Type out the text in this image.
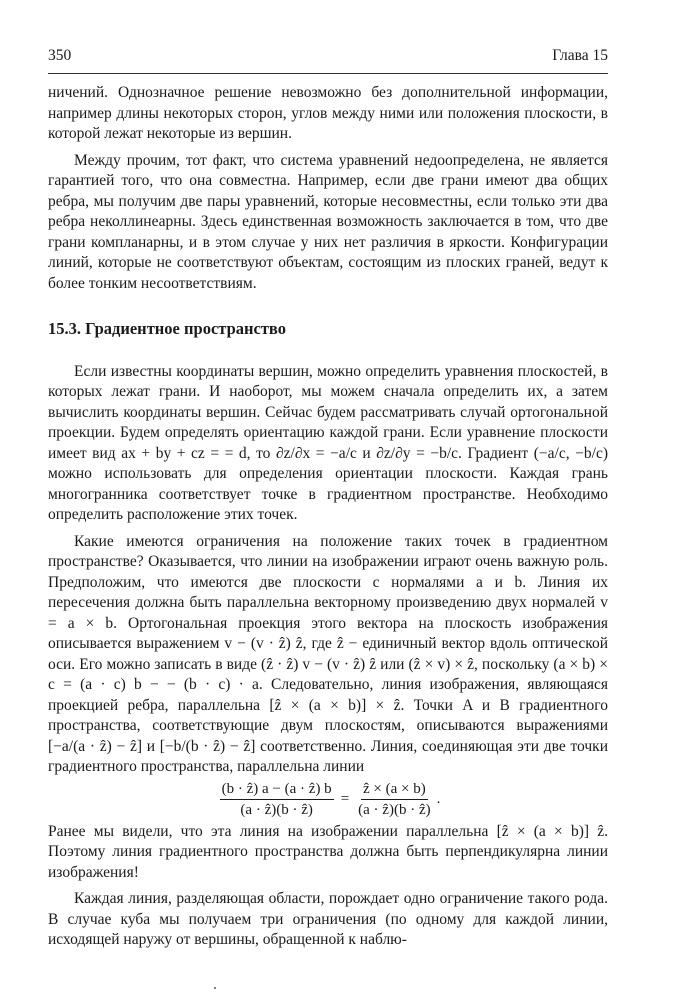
350	Глава 15

ничений. Однозначное решение невозможно без дополнительной информации, например длины некоторых сторон, углов между ними или положения плоскости, в которой лежат некоторые из вершин.

Между прочим, тот факт, что система уравнений недоопределена, не является гарантией того, что она совместна. Например, если две грани имеют два общих ребра, мы получим две пары уравнений, которые несовместны, если только эти два ребра неколлинеарны. Здесь единственная возможность заключается в том, что две грани компланарны, и в этом случае у них нет различия в яркости. Конфигурации линий, которые не соответствуют объектам, состоящим из плоских граней, ведут к более тонким несоответствиям.

15.3. Градиентное пространство

Если известны координаты вершин, можно определить уравнения плоскостей, в которых лежат грани. И наоборот, мы можем сначала определить их, а затем вычислить координаты вершин. Сейчас будем рассматривать случай ортогональной проекции. Будем определять ориентацию каждой грани. Если уравнение плоскости имеет вид ax + by + cz = = d, то ∂z/∂x = −a/c и ∂z/∂y = −b/c. Градиент (−a/c, −b/c) можно использовать для определения ориентации плоскости. Каждая грань многогранника соответствует точке в градиентном пространстве. Необходимо определить расположение этих точек.

Какие имеются ограничения на положение таких точек в градиентном пространстве? Оказывается, что линии на изображении играют очень важную роль. Предположим, что имеются две плоскости с нормалями a и b. Линия их пересечения должна быть параллельна векторному произведению двух нормалей v = a × b. Ортогональная проекция этого вектора на плоскость изображения описывается выражением v − (v · ẑ) ẑ, где ẑ − единичный вектор вдоль оптической оси. Его можно записать в виде (ẑ · ẑ) v − (v · ẑ) ẑ или (ẑ × v) × ẑ, поскольку (a × b) × c = (a · c) b − − (b · c) · a. Следовательно, линия изображения, являющаяся проекцией ребра, параллельна [ẑ × (a × b)] × ẑ. Точки A и B градиентного пространства, соответствующие двум плоскостям, описываются выражениями [−a/(a · ẑ) − ẑ] и [−b/(b · ẑ) − ẑ] соответственно. Линия, соединяющая эти две точки градиентного пространства, параллельна линии

$\frac{\text{(b · ẑ) a − (a · ẑ) b}}{\text{(a · ẑ)(b · ẑ)}} = \frac{\text{ẑ × (a × b)}}{\text{(a · ẑ)(b · ẑ)}}$ .

Ранее мы видели, что эта линия на изображении параллельна [ẑ × (a × b)] ẑ. Поэтому линия градиентного пространства должна быть перпендикулярна линии изображения!

Каждая линия, разделяющая области, порождает одно ограничение такого рода. В случае куба мы получаем три ограничения (по одному для каждой линии, исходящей наружу от вершины, обращенной к наблю-
